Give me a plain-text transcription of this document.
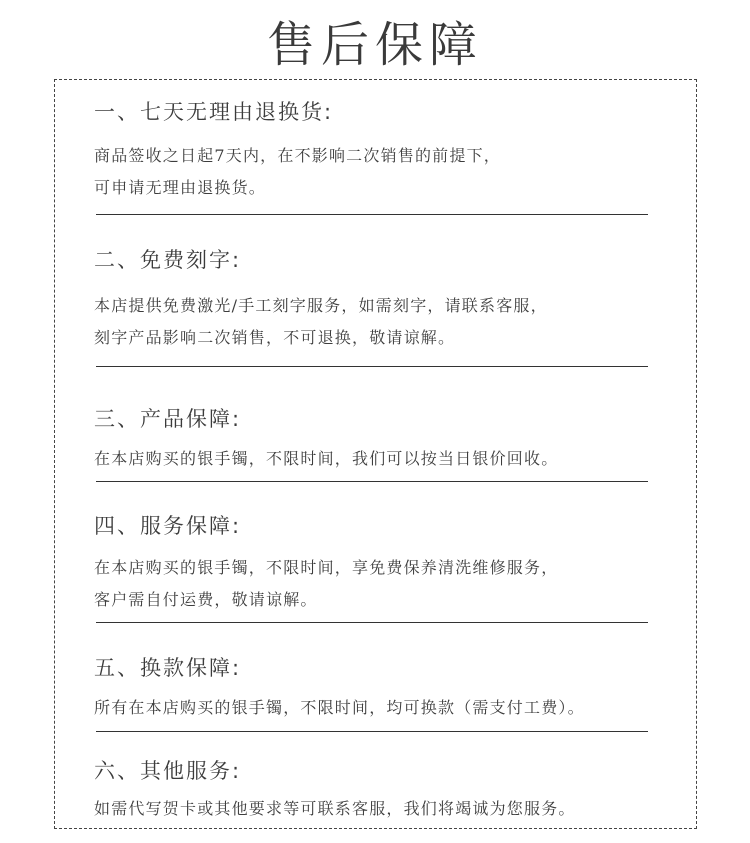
售后保障
一、七天无理由退换货:
商品签收之日起7天内，在不影响二次销售的前提下，
可申请无理由退换货。
二、免费刻字:
本店提供免费激光/手工刻字服务，如需刻字，请联系客服，
刻字产品影响二次销售，不可退换，敬请谅解。
三、产品保障:
在本店购买的银手镯，不限时间，我们可以按当日银价回收。
四、服务保障:
在本店购买的银手镯，不限时间，享免费保养清洗维修服务，
客户需自付运费，敬请谅解。
五、换款保障:
所有在本店购买的银手镯，不限时间，均可换款（需支付工费）。
六、其他服务:
如需代写贺卡或其他要求等可联系客服，我们将竭诚为您服务。
